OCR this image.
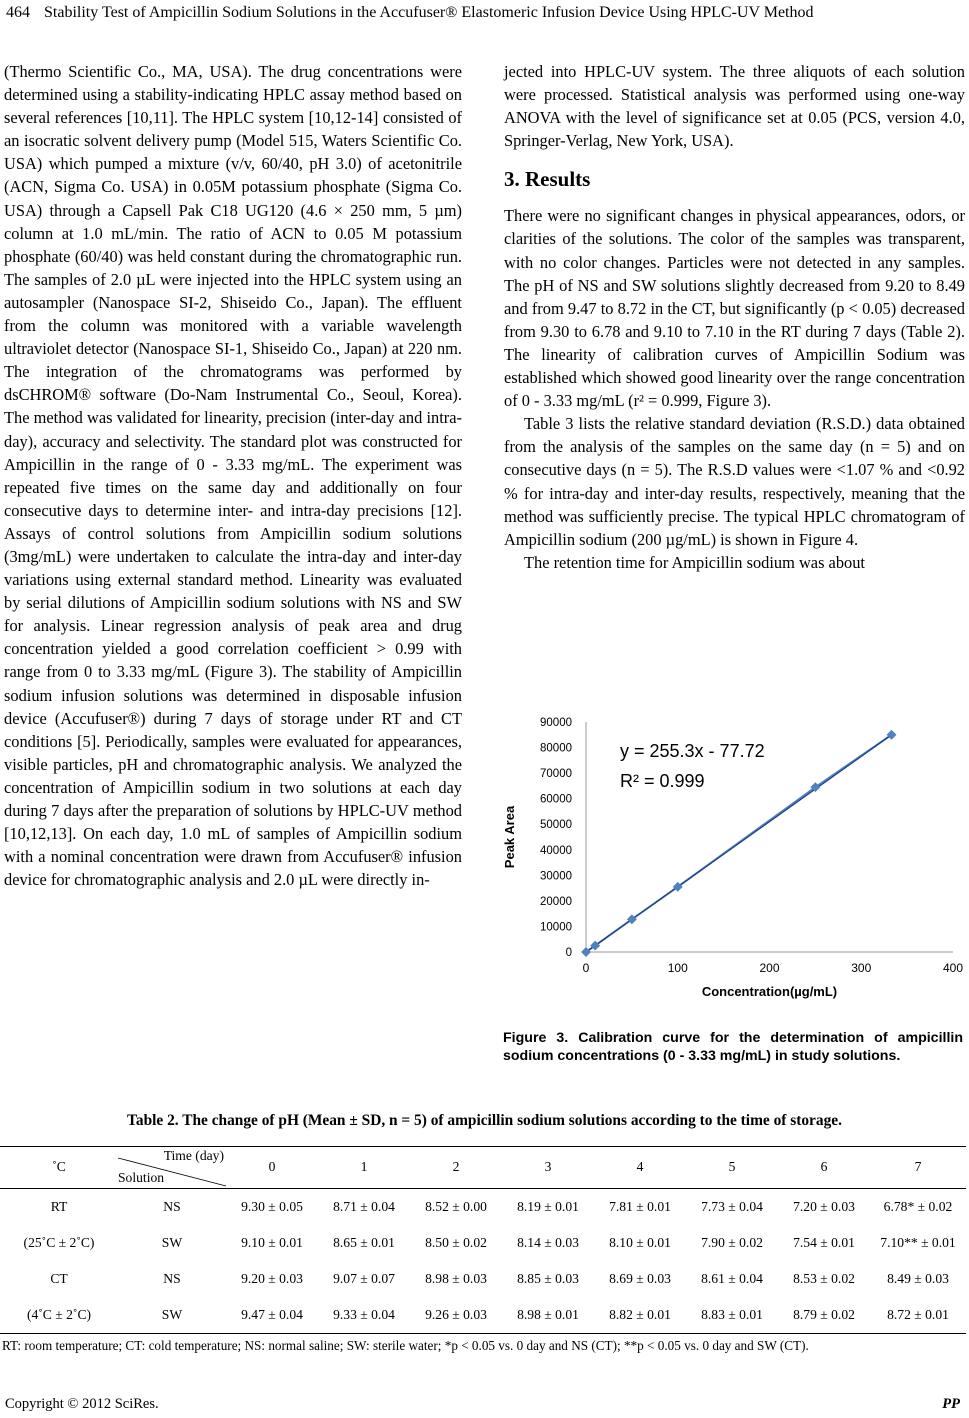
464 Stability Test of Ampicillin Sodium Solutions in the Accufuser® Elastomeric Infusion Device Using HPLC-UV Method

(Thermo Scientific Co., MA, USA). The drug concentrations were determined using a stability-indicating HPLC assay method based on several references [10,11]. The HPLC system [10,12-14] consisted of an isocratic solvent delivery pump (Model 515, Waters Scientific Co. USA) which pumped a mixture (v/v, 60/40, pH 3.0) of acetonitrile (ACN, Sigma Co. USA) in 0.05M potassium phosphate (Sigma Co. USA) through a Capsell Pak C18 UG120 (4.6 × 250 mm, 5 µm) column at 1.0 mL/min. The ratio of ACN to 0.05 M potassium phosphate (60/40) was held constant during the chromatographic run. The samples of 2.0 µL were injected into the HPLC system using an autosampler (Nanospace SI-2, Shiseido Co., Japan). The effluent from the column was monitored with a variable wavelength ultraviolet detector (Nanospace SI-1, Shiseido Co., Japan) at 220 nm. The integration of the chromatograms was performed by dsCHROM® software (Do-Nam Instrumental Co., Seoul, Korea). The method was validated for linearity, precision (inter-day and intra-day), accuracy and selectivity. The standard plot was constructed for Ampicillin in the range of 0 - 3.33 mg/mL. The experiment was repeated five times on the same day and additionally on four consecutive days to determine inter- and intra-day precisions [12]. Assays of control solutions from Ampicillin sodium solutions (3mg/mL) were undertaken to calculate the intra-day and inter-day variations using external standard method. Linearity was evaluated by serial dilutions of Ampicillin sodium solutions with NS and SW for analysis. Linear regression analysis of peak area and drug concentration yielded a good correlation coefficient > 0.99 with range from 0 to 3.33 mg/mL (Figure 3). The stability of Ampicillin sodium infusion solutions was determined in disposable infusion device (Accufuser®) during 7 days of storage under RT and CT conditions [5]. Periodically, samples were evaluated for appearances, visible particles, pH and chromatographic analysis. We analyzed the concentration of Ampicillin sodium in two solutions at each day during 7 days after the preparation of solutions by HPLC-UV method [10,12,13]. On each day, 1.0 mL of samples of Ampicillin sodium with a nominal concentration were drawn from Accufuser® infusion device for chromatographic analysis and 2.0 µL were directly in-

jected into HPLC-UV system. The three aliquots of each solution were processed. Statistical analysis was performed using one-way ANOVA with the level of significance set at 0.05 (PCS, version 4.0, Springer-Verlag, New York, USA).

3. Results

There were no significant changes in physical appearances, odors, or clarities of the solutions. The color of the samples was transparent, with no color changes. Particles were not detected in any samples. The pH of NS and SW solutions slightly decreased from 9.20 to 8.49 and from 9.47 to 8.72 in the CT, but significantly (p < 0.05) decreased from 9.30 to 6.78 and 9.10 to 7.10 in the RT during 7 days (Table 2). The linearity of calibration curves of Ampicillin Sodium was established which showed good linearity over the range concentration of 0 - 3.33 mg/mL (r² = 0.999, Figure 3).

Table 3 lists the relative standard deviation (R.S.D.) data obtained from the analysis of the samples on the same day (n = 5) and on consecutive days (n = 5). The R.S.D values were <1.07 % and <0.92 % for intra-day and inter-day results, respectively, meaning that the method was sufficiently precise. The typical HPLC chromatogram of Ampicillin sodium (200 µg/mL) is shown in Figure 4.

The retention time for Ampicillin sodium was about

0
10000
20000
30000
40000
50000
60000
70000
80000
90000
0	100	200	300	400
Concentration(µg/mL)
Peak Area
y = 255.3x - 77.72
R² = 0.999
Figure 3. Calibration curve for the determination of ampicillin sodium concentrations (0 - 3.33 mg/mL) in study solutions.
Table 2. The change of pH (Mean ± SD, n = 5) of ampicillin sodium solutions according to the time of storage.
˚C	Time (day)
Solution	0	1	2	3	4	5	6	7
RT	NS	9.30 ± 0.05	8.71 ± 0.04	8.52 ± 0.00	8.19 ± 0.01	7.81 ± 0.01	7.73 ± 0.04	7.20 ± 0.03	6.78* ± 0.02
(25˚C ± 2˚C)	SW	9.10 ± 0.01	8.65 ± 0.01	8.50 ± 0.02	8.14 ± 0.03	8.10 ± 0.01	7.90 ± 0.02	7.54 ± 0.01	7.10** ± 0.01
CT	NS	9.20 ± 0.03	9.07 ± 0.07	8.98 ± 0.03	8.85 ± 0.03	8.69 ± 0.03	8.61 ± 0.04	8.53 ± 0.02	8.49 ± 0.03
(4˚C ± 2˚C)	SW	9.47 ± 0.04	9.33 ± 0.04	9.26 ± 0.03	8.98 ± 0.01	8.82 ± 0.01	8.83 ± 0.01	8.79 ± 0.02	8.72 ± 0.01
RT: room temperature; CT: cold temperature; NS: normal saline; SW: sterile water; *p < 0.05 vs. 0 day and NS (CT); **p < 0.05 vs. 0 day and SW (CT).
Copyright © 2012 SciRes.	PP
